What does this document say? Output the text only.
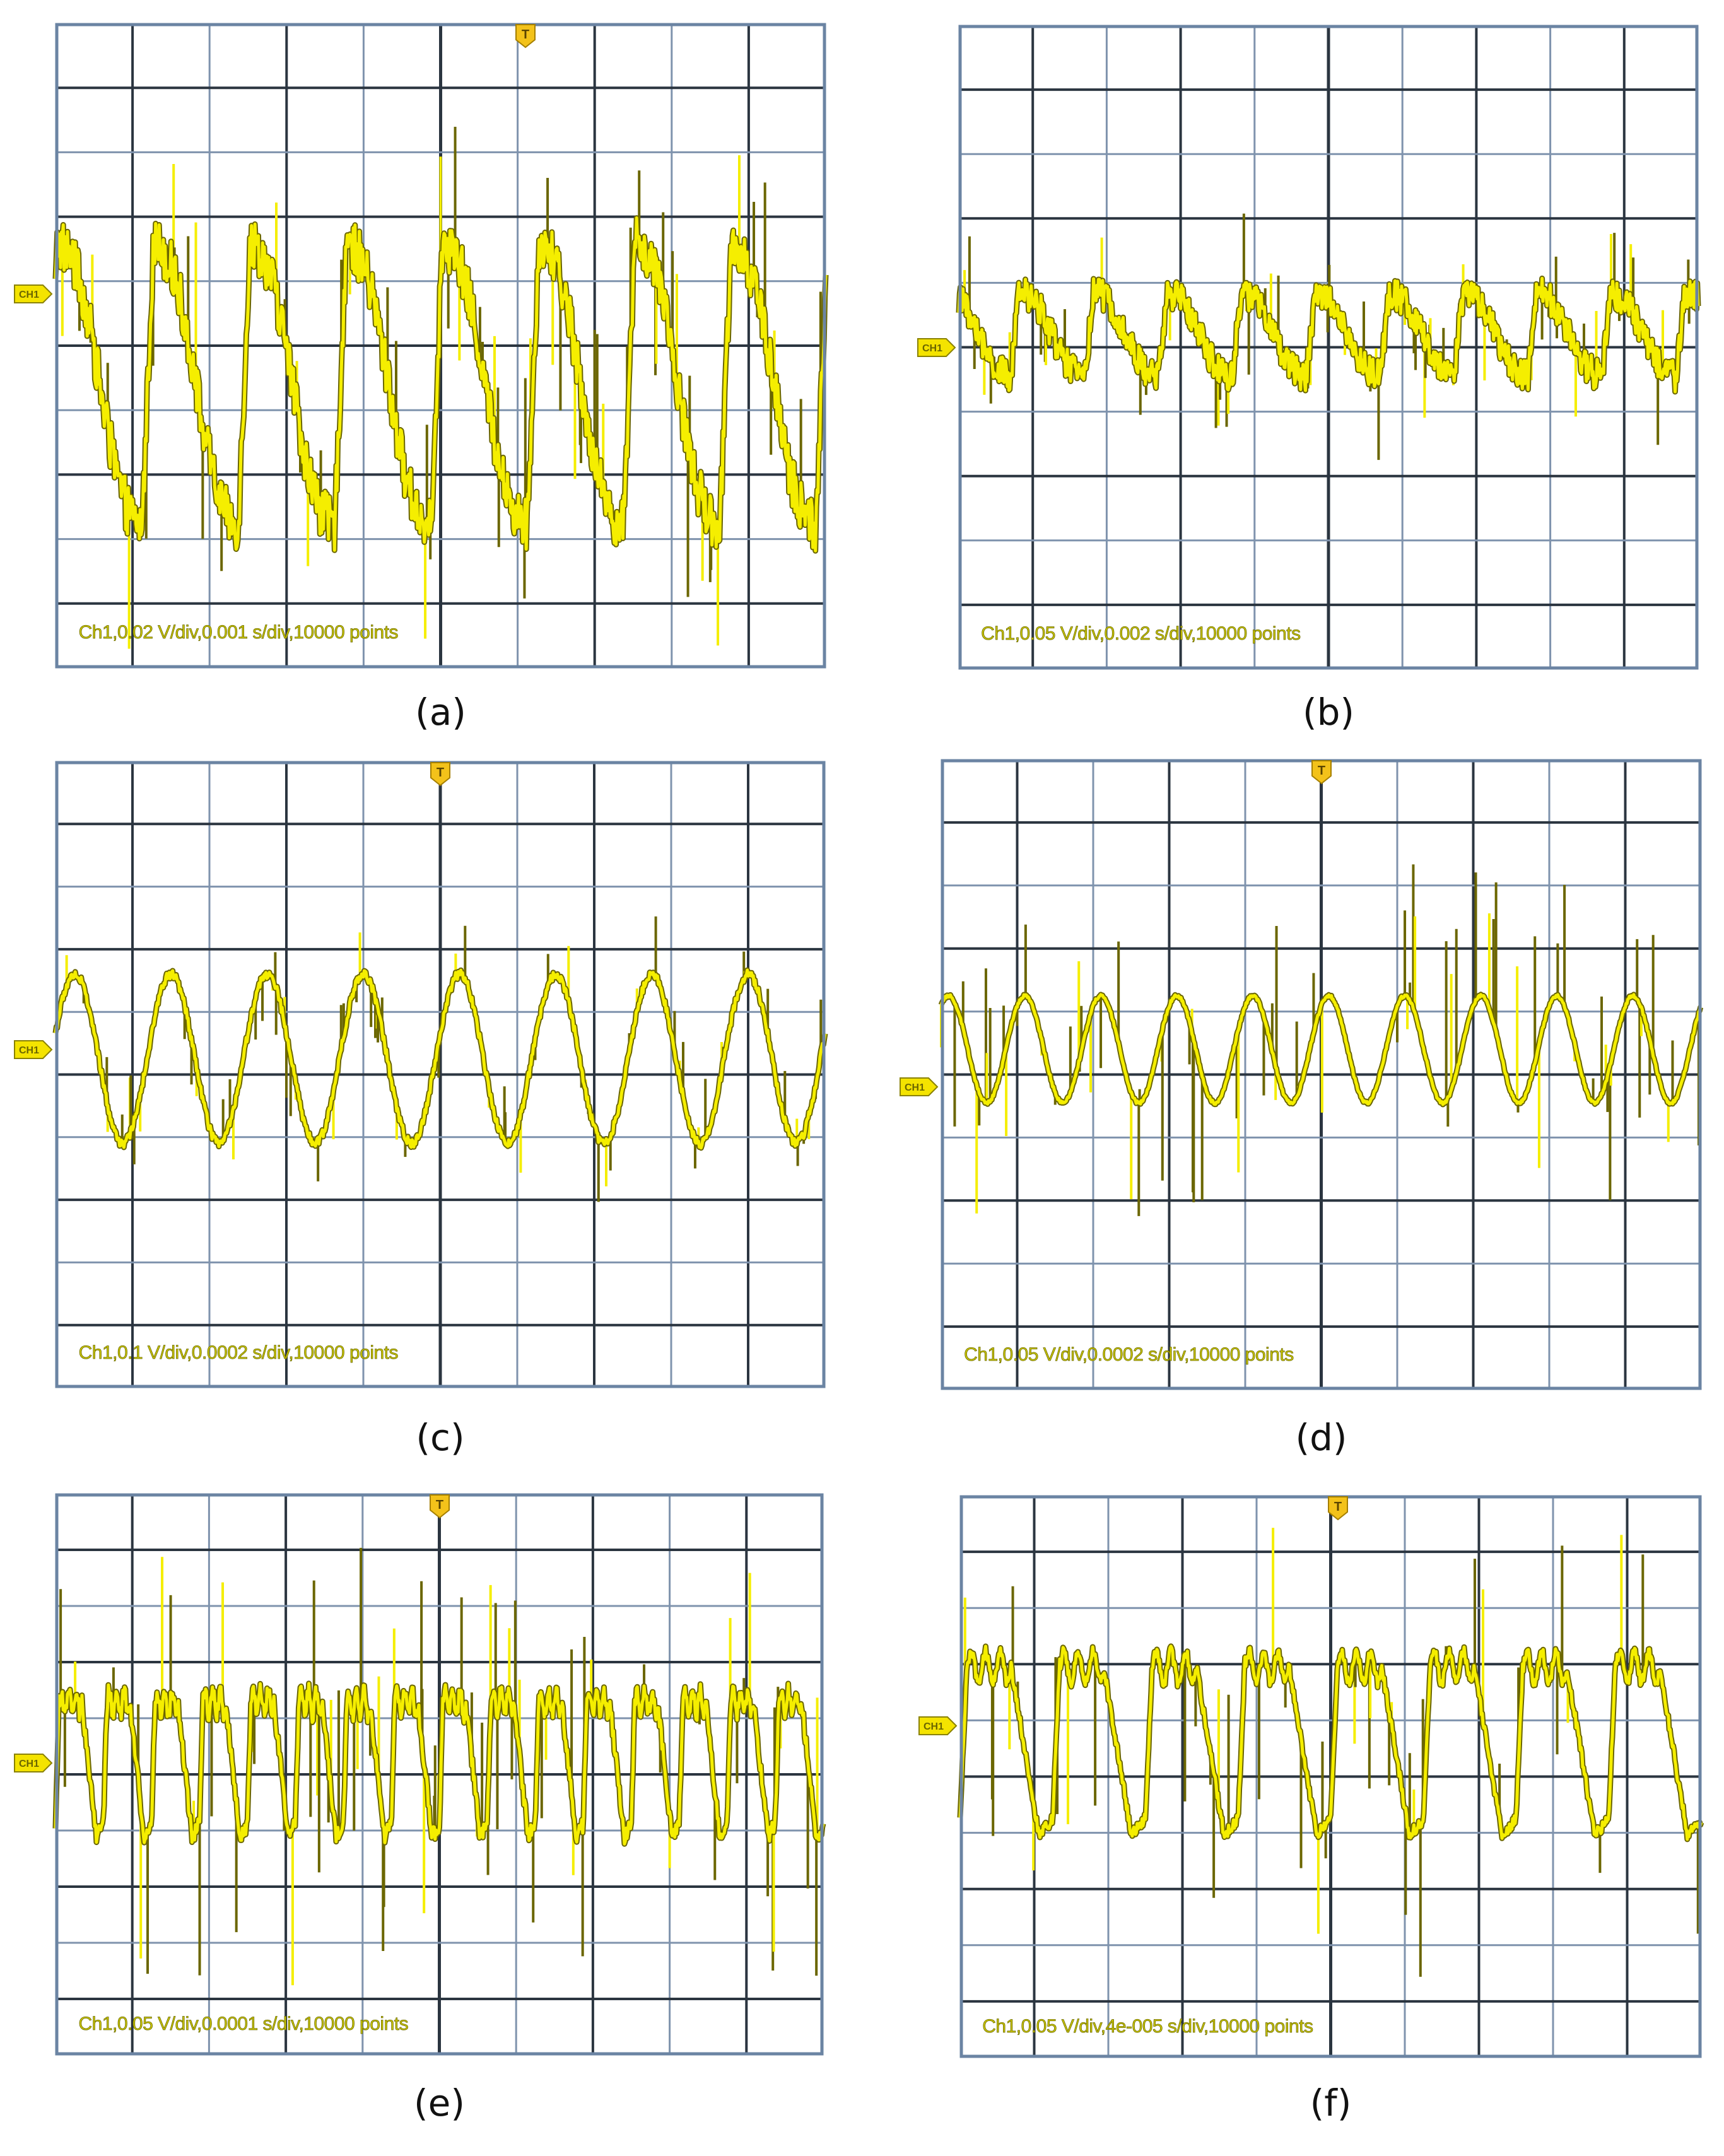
T
CH1
Ch1,0.02 V/div,0.001 s/div,10000 points
(a)
CH1
Ch1,0.05 V/div,0.002 s/div,10000 points
(b)
T
CH1
Ch1,0.1 V/div,0.0002 s/div,10000 points
(c)
T
CH1
Ch1,0.05 V/div,0.0002 s/div,10000 points
(d)
T
CH1
Ch1,0.05 V/div,0.0001 s/div,10000 points
(e)
T
CH1
Ch1,0.05 V/div,4e-005 s/div,10000 points
(f)
